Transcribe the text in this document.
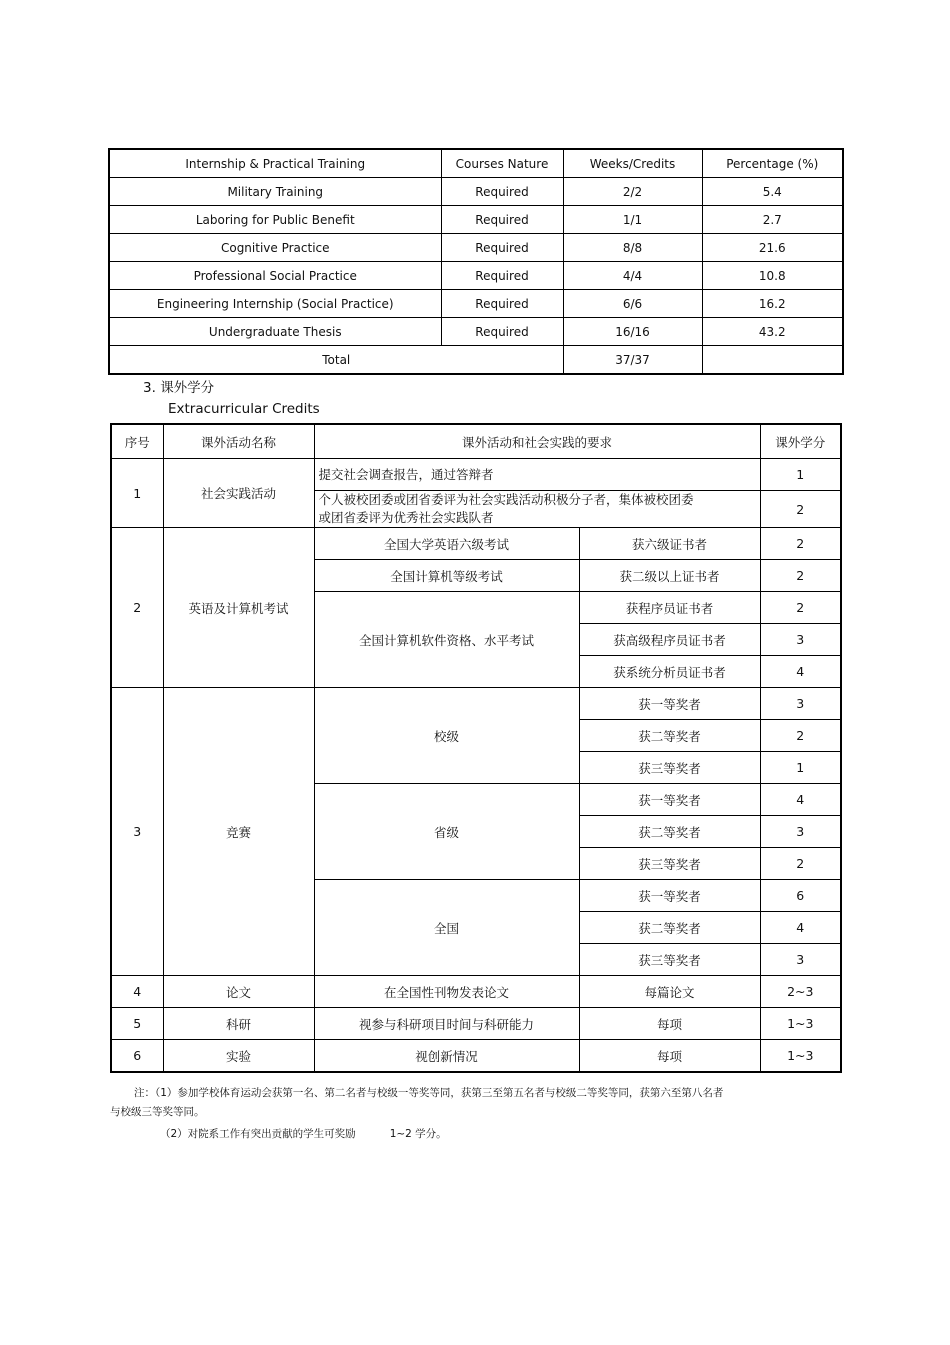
Internship & Practical Training	Courses Nature	Weeks/Credits	Percentage (%)
Military Training	Required	2/2	5.4
Laboring for Public Benefit	Required	1/1	2.7
Cognitive Practice	Required	8/8	21.6
Professional Social Practice	Required	4/4	10.8
Engineering Internship (Social Practice)	Required	6/6	16.2
Undergraduate Thesis	Required	16/16	43.2
Total		37/37	
3. 课外学分
Extracurricular Credits
序号	课外活动名称	课外活动和社会实践的要求		课外学分
1	社会实践活动	提交社会调查报告，通过答辩者		1
		个人被校团委或团省委评为社会实践活动积极分子者，集体被校团委或团省委评为优秀社会实践队者		2
2	英语及计算机考试	全国大学英语六级考试	获六级证书者	2
		全国计算机等级考试	获二级以上证书者	2
		全国计算机软件资格、水平考试	获程序员证书者	2
			获高级程序员证书者	3
			获系统分析员证书者	4
3	竞赛	校级	获一等奖者	3
			获二等奖者	2
			获三等奖者	1
		省级	获一等奖者	4
			获二等奖者	3
			获三等奖者	2
		全国	获一等奖者	6
			获二等奖者	4
			获三等奖者	3
4	论文	在全国性刊物发表论文	每篇论文	2~3
5	科研	视参与科研项目时间与科研能力	每项	1~3
6	实验	视创新情况	每项	1~3
注：（1）参加学校体育运动会获第一名、第二名者与校级一等奖等同，获第三至第五名者与校级二等奖等同，获第六至第八名者
与校级三等奖等同。
（2）对院系工作有突出贡献的学生可奖励	1~2 学分。
